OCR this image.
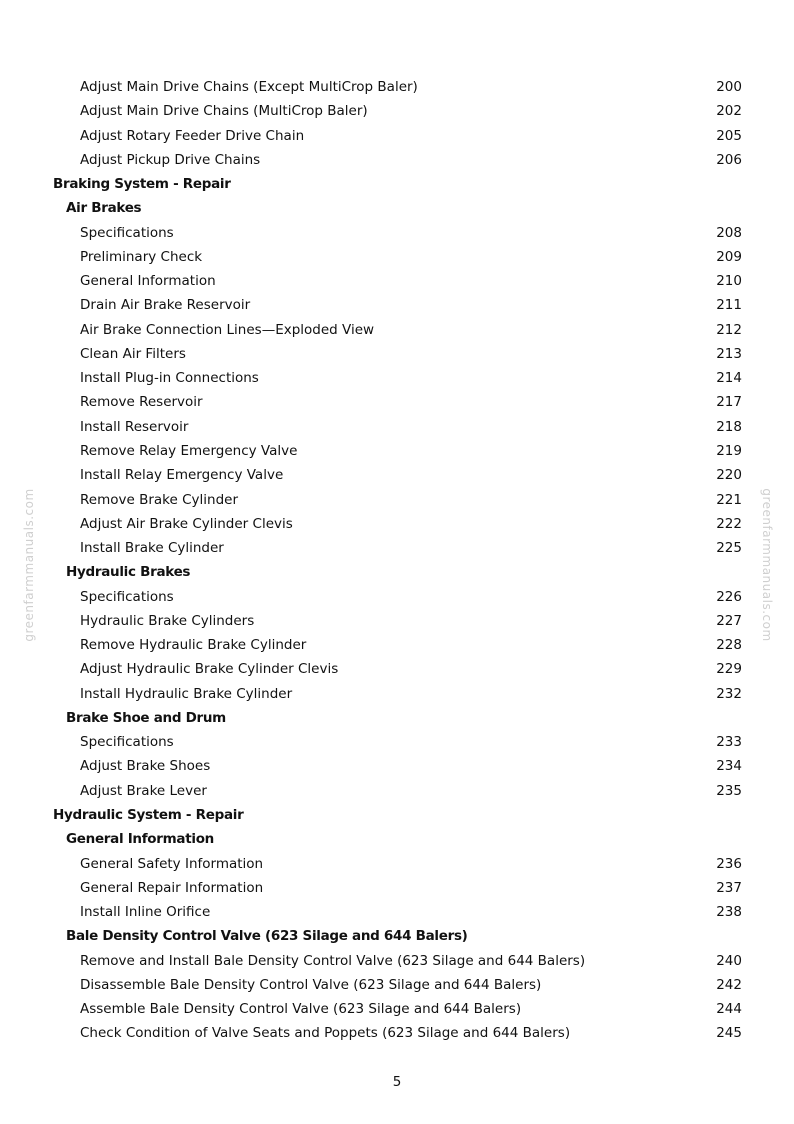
greenfarmmanuals.com	greenfarmmanuals.com
Adjust Main Drive Chains (Except MultiCrop Baler)	200
Adjust Main Drive Chains (MultiCrop Baler)	202
Adjust Rotary Feeder Drive Chain	205
Adjust Pickup Drive Chains	206
Braking System - Repair
Air Brakes
Specifications	208
Preliminary Check	209
General Information	210
Drain Air Brake Reservoir	211
Air Brake Connection Lines—Exploded View	212
Clean Air Filters	213
Install Plug-in Connections	214
Remove Reservoir	217
Install Reservoir	218
Remove Relay Emergency Valve	219
Install Relay Emergency Valve	220
Remove Brake Cylinder	221
Adjust Air Brake Cylinder Clevis	222
Install Brake Cylinder	225
Hydraulic Brakes
Specifications	226
Hydraulic Brake Cylinders	227
Remove Hydraulic Brake Cylinder	228
Adjust Hydraulic Brake Cylinder Clevis	229
Install Hydraulic Brake Cylinder	232
Brake Shoe and Drum
Specifications	233
Adjust Brake Shoes	234
Adjust Brake Lever	235
Hydraulic System - Repair
General Information
General Safety Information	236
General Repair Information	237
Install Inline Orifice	238
Bale Density Control Valve (623 Silage and 644 Balers)
Remove and Install Bale Density Control Valve (623 Silage and 644 Balers)	240
Disassemble Bale Density Control Valve (623 Silage and 644 Balers)	242
Assemble Bale Density Control Valve (623 Silage and 644 Balers)	244
Check Condition of Valve Seats and Poppets (623 Silage and 644 Balers)	245
5
